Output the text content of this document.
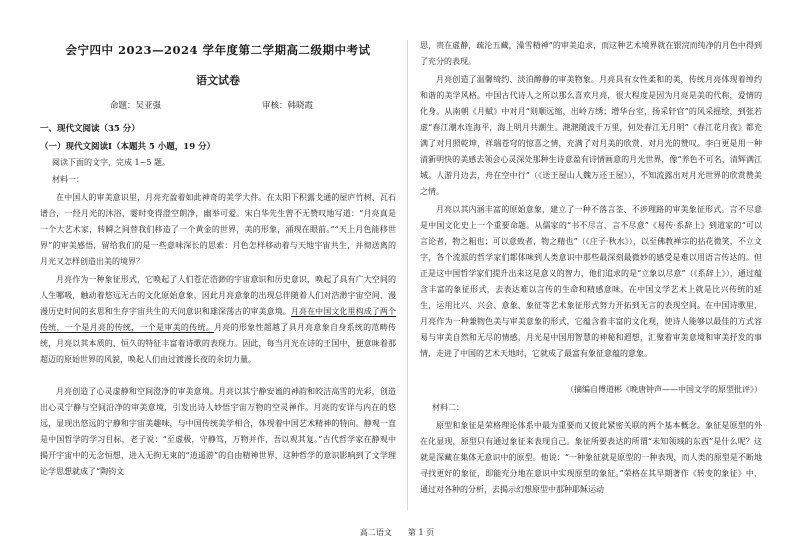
会宁四中 2023—2024 学年度第二学期高二级期中考试
语文试卷
命题：吴亚强	审核：韩晓霞
一、现代文阅读（35 分）
（一）现代文阅读Ⅰ（本题共 5 小题，19 分）
阅读下面的文字，完成 1~5 题。
材料一：

在中国人的审美意识里，月亮充盈着如此神奇的美学大件。在太阳下积露戈通的屋庐竹树、瓦石谱合，一经月光的沐浴，霎时变得澄空朗净，幽举可爱。宋白华先生曾不无赞叹地写道：“月亮真是一个大艺术家，转瞬之间替我们移造了一个黄金的世界，美的形象，涌现在眼前。”“天上月色能移世界”的审美感悟，留给我们的是一些意味深长的思索：月色怎样移动着与天地宇宙共生，并彻送离的月光又怎样创造出美的境界？

月亮作为一种象征形式，它唤起了人们苍茫浩渺的宇宙意识和历史意识，唤起了具有广大空间的人生哪吸，触动着悠远无古的文化原始意象，因此月亮意象的出现总伴随着人们对浩渺宇宙空间、漫漫历史时间的玄思和生存宇宙共生的天问意识和雄深荡古的审美意境。月亮在中国文化里构成了两个传统，一个是月亮的传统，一个是审美的传统。月亮的形象性超越了具月亮意象自身系统的范畴传统，月亮以其本质的、恒久的特征丰富着诗歌的表现力。因此，每当月光在诗的王国中，便意味着那超迈的原始世界的风貌，唤起人们由过渡漫长夜的余切力量。

月亮创造了心灵虚静和空间澄净的审美意境。月亮以其宁静安谧的神韵和皎洁高雪的光彩，创造出心灵宁静与空间沿净的审美意境，引发出诗人妙悟宇宙万物的空灵禅作。月亮的安详与内在的悠远，显现出悠远的宁静和宇宙美趣味，与中国传统美学相合，体现着中国艺术精神的特向。静观一直是中国哲学的学习目标，老子说：“至虚极，守静笃，万物并作，吾以观其复。”古代哲学家在静观中揭开宇宙中的无念恒想，进入无拘无束的“逍遥游”的自由精神世界，这种哲学的意识影响到了文学理论学思想就成了“陶钧文

思，贵在虚静，疏沦五藏，澡雪精神”的审美追求，而这种艺术境界就在银浣而纯净的月色中得到了充分的表现。

月亮创造了温馨绮约、淡泊醇静的审美物象。月亮具有女性柔和的美，传统月亮体现着绰约和谐的美学风格。中国古代诗人之所以那么喜欢月亮，很大程度是因为月亮是美的代称，爱情的化身。从南朝《月赋》中对月“则顺远缩，出岭方绣；增华台室，扬采轩官”的风采摇绘，到张若虚“春江潮水连海平，海上明月共潮生。滟滟随波千万里，何处春江无月明”《春江花月夜》都充满了对月照乾坤，祥瑞苍穹的惊喜之情，充满了对月美的欣赏、对月光的赞叹。李白更是用一种清新明快的美感去领会心灵深处那种生诗意盈有诗情画意的月光世界，像“养色不可名，清辉满江城。人游月边去，舟在空中行”（《送王屋山人魏万还王屋》），不知流露出对月光世界的欣赏赞美之情。

月亮以其内涵丰富的原始意象，建立了一种不落言荃、不涉理路的审美象征形式。言不尽意是中国文化史上一个重要命题。从儒家的“书不尽言，言不尽意”《易传·系辞上》到道家的“可以言论者，物之粗也；可以意致者，物之精也”（《庄子·秋水》），以至佛教禅宗的拈花微笑，不立文字，各个流派的哲学家们都体味到人类意识中那些最深刻最微妙的感受是难以用语言传达的。但正是这中国哲学家们提升出来这是意义的智力，他们追求的是“立象以尽意”（《系辞上》），通过蕴含丰富的象征形式，去表达难以言传的生命和精感意味。在中国文学艺术上就是比兴传统的延生，运用比兴、兴会、意象、象征等艺术象征形式努力开拓到无言的表现空间。在中国诗歌里，月亮作为一种兼物色美与审美意象的形式，它蕴含着丰富的文化观，使诗人能够以最佳的方式容易与审美自然和无尽的情感，月光是中国用智慧的神秘和遐想，汇聚着审美意境和审美抒发的事情，走进了中国的艺术天地时，它就成了最富有象征意蕴的意象。

（摘编自傅道彬《晚唐钟声——中国文学的原型批评》）
材料二：

原型和象征是荣格理论体系中最为重要而又彼此紧密关联的两个基本概念。象征是原型的外在化显现，原型只有通过象征来表现自己。象征所要表达的所谓“未知领域的东西”是什么呢？这就是深藏在集体无意识中的原型。他说：“一种象征就是原型的一种表现，而人类的原型是不断地寻找更好的象征，即能充分地在意识中实现原型的象征。”荣格在其早期著作《转变的象征》中，通过对各种的分析，去揭示幻想原型中那种耶稣运动

高二语文　　第 1 页
